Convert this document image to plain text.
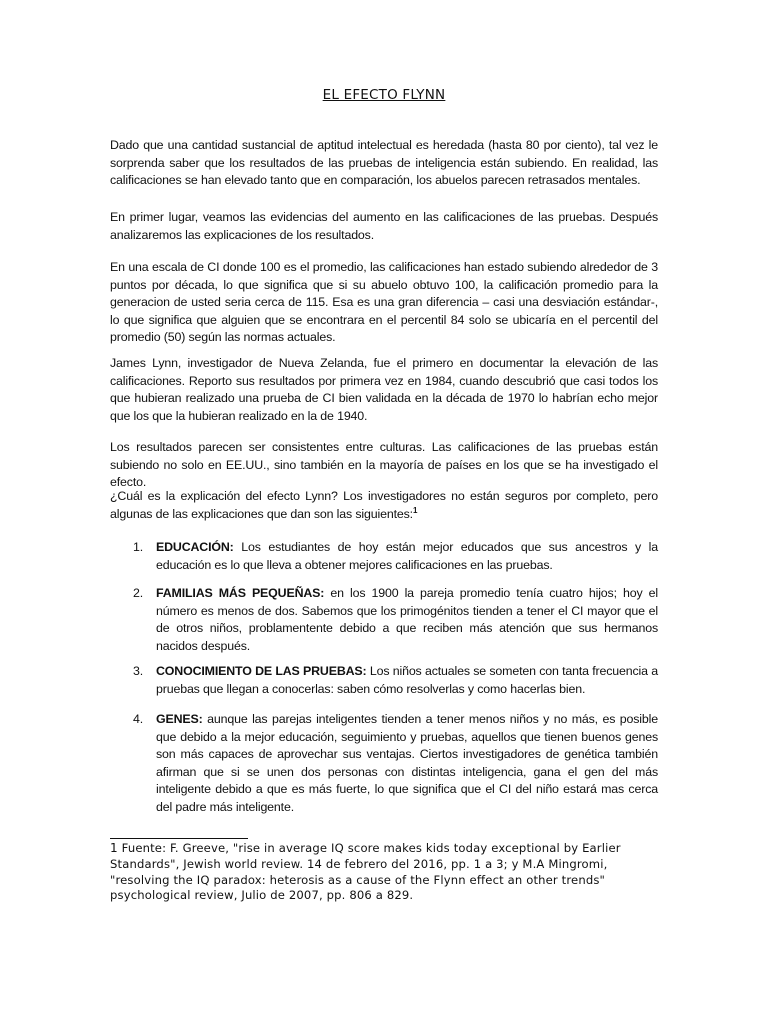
EL EFECTO FLYNN
Dado que una cantidad sustancial de aptitud intelectual es heredada (hasta 80 por ciento), tal vez le sorprenda saber que los resultados de las pruebas de inteligencia están subiendo. En realidad, las calificaciones se han elevado tanto que en comparación, los abuelos parecen retrasados mentales.
En primer lugar, veamos las evidencias del aumento en las calificaciones de las pruebas. Después analizaremos las explicaciones de los resultados.
En una escala de CI donde 100 es el promedio, las calificaciones han estado subiendo alrededor de 3 puntos por década, lo que significa que si su abuelo obtuvo 100, la calificación promedio para la generacion de usted seria cerca de 115. Esa es una gran diferencia – casi una desviación estándar-, lo que significa que alguien que se encontrara en el percentil 84 solo se ubicaría en el percentil del promedio (50) según las normas actuales.
James Lynn, investigador de Nueva Zelanda, fue el primero en documentar la elevación de las calificaciones. Reporto sus resultados por primera vez en 1984, cuando descubrió que casi todos los que hubieran realizado una prueba de CI bien validada en la década de 1970 lo habrían echo mejor que los que la hubieran realizado en la de 1940.
Los resultados parecen ser consistentes entre culturas. Las calificaciones de las pruebas están subiendo no solo en EE.UU., sino también en la mayoría de países en los que se ha investigado el efecto.
¿Cuál es la explicación del efecto Lynn? Los investigadores no están seguros por completo, pero algunas de las explicaciones que dan son las siguientes:$^1$
1.	EDUCACIÓN: Los estudiantes de hoy están mejor educados que sus ancestros y la educación es lo que lleva a obtener mejores calificaciones en las pruebas.
2.	FAMILIAS MÁS PEQUEÑAS: en los 1900 la pareja promedio tenía cuatro hijos; hoy el número es menos de dos. Sabemos que los primogénitos tienden a tener el CI mayor que el de otros niños, problamentente debido a que reciben más atención que sus hermanos nacidos después.
3.	CONOCIMIENTO DE LAS PRUEBAS: Los niños actuales se someten con tanta frecuencia a pruebas que llegan a conocerlas: saben cómo resolverlas y como hacerlas bien.
4.	GENES: aunque las parejas inteligentes tienden a tener menos niños y no más, es posible que debido a la mejor educación, seguimiento y pruebas, aquellos que tienen buenos genes son más capaces de aprovechar sus ventajas. Ciertos investigadores de genética también afirman que si se unen dos personas con distintas inteligencia, gana el gen del más inteligente debido a que es más fuerte, lo que significa que el CI del niño estará mas cerca del padre más inteligente.
1 Fuente: F. Greeve, "rise in average IQ score makes kids today exceptional by Earlier Standards", Jewish world review. 14 de febrero del 2016, pp. 1 a 3; y M.A Mingromi, "resolving the IQ paradox: heterosis as a cause of the Flynn effect an other trends" psychological review, Julio de 2007, pp. 806 a 829.
